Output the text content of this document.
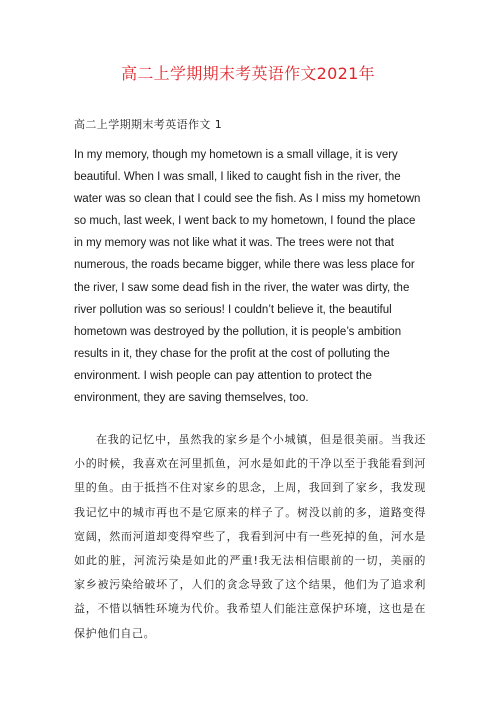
高二上学期期末考英语作文2021年
高二上学期期末考英语作文 1

In my memory, though my hometown is a small village, it is very beautiful. When I was small, I liked to caught fish in the river, the water was so clean that I could see the fish. As I miss my hometown so much, last week, I went back to my hometown, I found the place in my memory was not like what it was. The trees were not that numerous, the roads became bigger, while there was less place for the river, I saw some dead fish in the river, the water was dirty, the river pollution was so serious! I couldn’t believe it, the beautiful hometown was destroyed by the pollution, it is people’s ambition results in it, they chase for the profit at the cost of polluting the environment. I wish people can pay attention to protect the environment, they are saving themselves, too.

在我的记忆中，虽然我的家乡是个小城镇，但是很美丽。当我还小的时候，我喜欢在河里抓鱼，河水是如此的干净以至于我能看到河里的鱼。由于抵挡不住对家乡的思念，上周，我回到了家乡，我发现我记忆中的城市再也不是它原来的样子了。树没以前的多，道路变得宽阔，然而河道却变得窄些了，我看到河中有一些死掉的鱼，河水是如此的脏，河流污染是如此的严重!我无法相信眼前的一切，美丽的家乡被污染给破坏了，人们的贪念导致了这个结果，他们为了追求利益，不惜以牺牲环境为代价。我希望人们能注意保护环境，这也是在保护他们自己。
